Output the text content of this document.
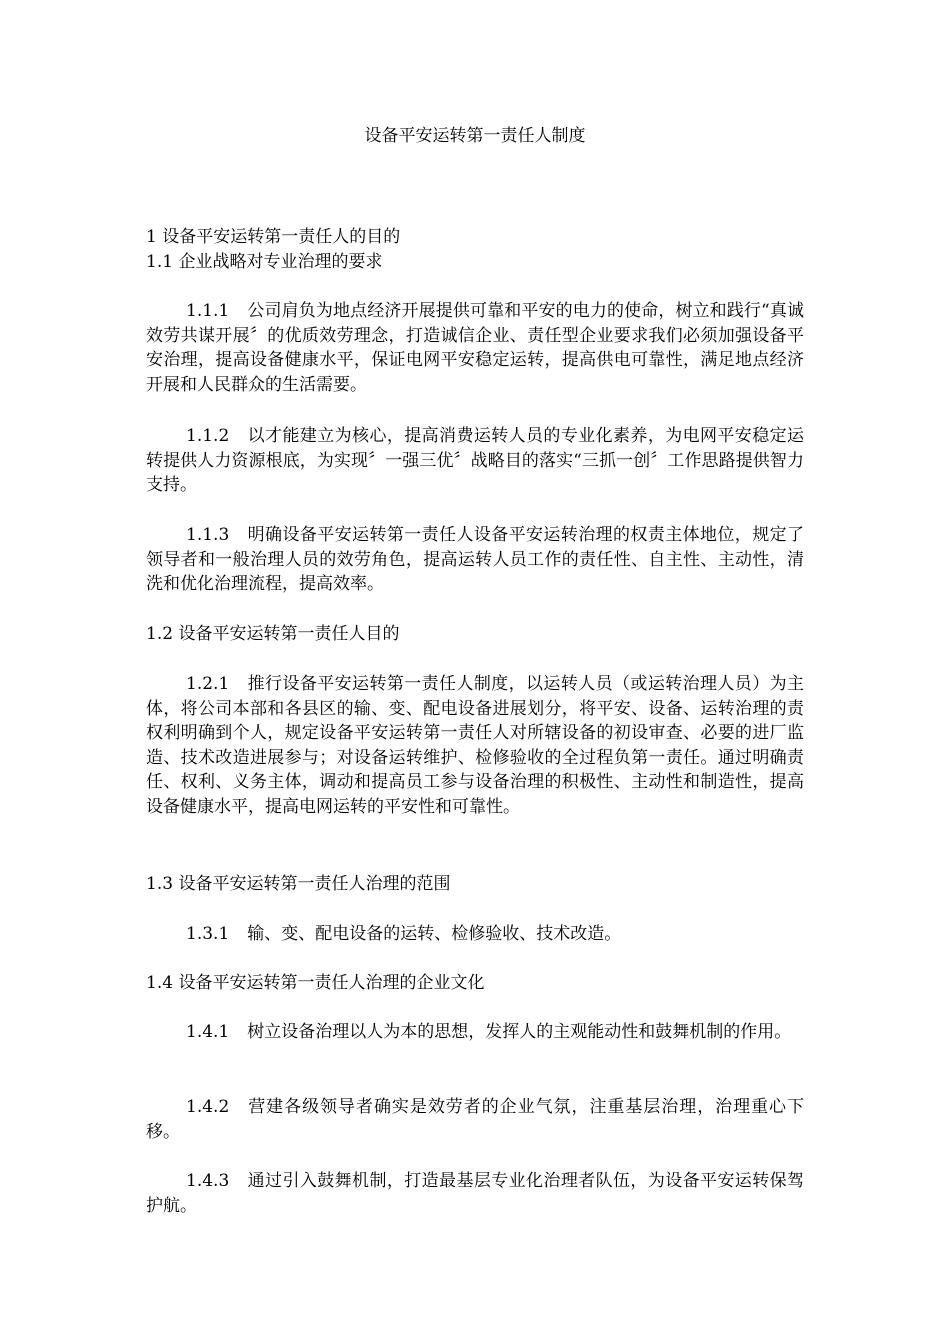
设备平安运转第一责任人制度
1 设备平安运转第一责任人的目的
1.1 企业战略对专业治理的要求
1.1.1 公司肩负为地点经济开展提供可靠和平安的电力的使命，树立和践行“真诚效劳共谋开展〞的优质效劳理念，打造诚信企业、责任型企业要求我们必须加强设备平安治理，提高设备健康水平，保证电网平安稳定运转，提高供电可靠性，满足地点经济开展和人民群众的生活需要。
1.1.2 以才能建立为核心，提高消费运转人员的专业化素养，为电网平安稳定运转提供人力资源根底，为实现〞一强三优〞战略目的落实“三抓一创〞工作思路提供智力支持。
1.1.3 明确设备平安运转第一责任人设备平安运转治理的权责主体地位，规定了领导者和一般治理人员的效劳角色，提高运转人员工作的责任性、自主性、主动性，清洗和优化治理流程，提高效率。
1.2 设备平安运转第一责任人目的
1.2.1 推行设备平安运转第一责任人制度，以运转人员（或运转治理人员）为主体，将公司本部和各县区的输、变、配电设备进展划分，将平安、设备、运转治理的责权利明确到个人，规定设备平安运转第一责任人对所辖设备的初设审查、必要的进厂监造、技术改造进展参与；对设备运转维护、检修验收的全过程负第一责任。通过明确责任、权利、义务主体，调动和提高员工参与设备治理的积极性、主动性和制造性，提高设备健康水平，提高电网运转的平安性和可靠性。
1.3 设备平安运转第一责任人治理的范围
1.3.1 输、变、配电设备的运转、检修验收、技术改造。
1.4 设备平安运转第一责任人治理的企业文化
1.4.1 树立设备治理以人为本的思想，发挥人的主观能动性和鼓舞机制的作用。
1.4.2 营建各级领导者确实是效劳者的企业气氛，注重基层治理，治理重心下移。
1.4.3 通过引入鼓舞机制，打造最基层专业化治理者队伍，为设备平安运转保驾护航。
